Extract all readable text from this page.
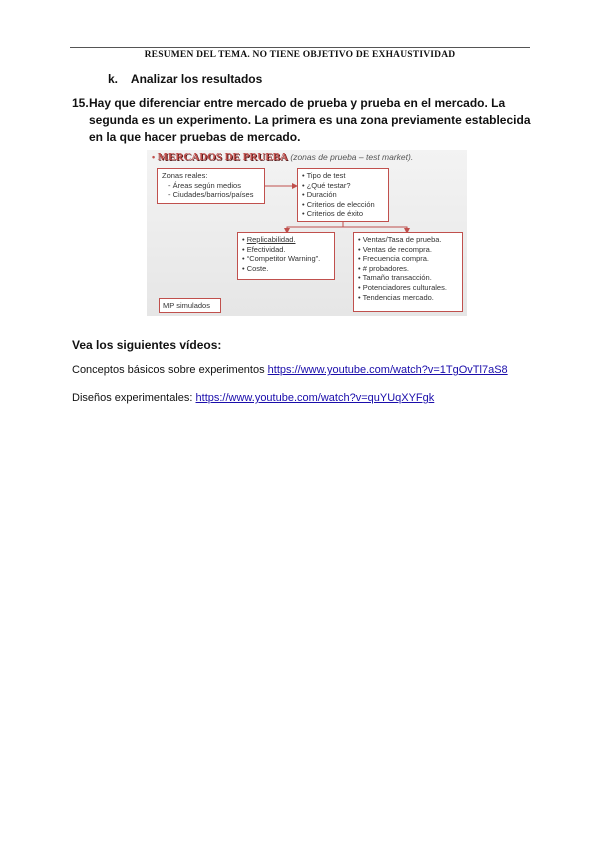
RESUMEN DEL TEMA. NO TIENE OBJETIVO DE EXHAUSTIVIDAD
k. Analizar los resultados
15. Hay que diferenciar entre mercado de prueba y prueba en el mercado. La segunda es un experimento. La primera es una zona previamente establecida en la que hacer pruebas de mercado.
• MERCADOS DE PRUEBA (zonas de prueba – test market).
Zonas reales:
- Áreas según medios
- Ciudades/barrios/países
• Tipo de test
• ¿Qué testar?
• Duración
• Criterios de elección
• Criterios de éxito
• Replicabilidad.
• Efectividad.
• “Competitor Warning”.
• Coste.
• Ventas/Tasa de prueba.
• Ventas de recompra.
• Frecuencia compra.
• # probadores.
• Tamaño transacción.
• Potenciadores culturales.
• Tendencias mercado.
MP simulados
Vea los siguientes vídeos:
Conceptos básicos sobre experimentos https://www.youtube.com/watch?v=1TgOvTl7aS8
Diseños experimentales: https://www.youtube.com/watch?v=quYUqXYFgk
